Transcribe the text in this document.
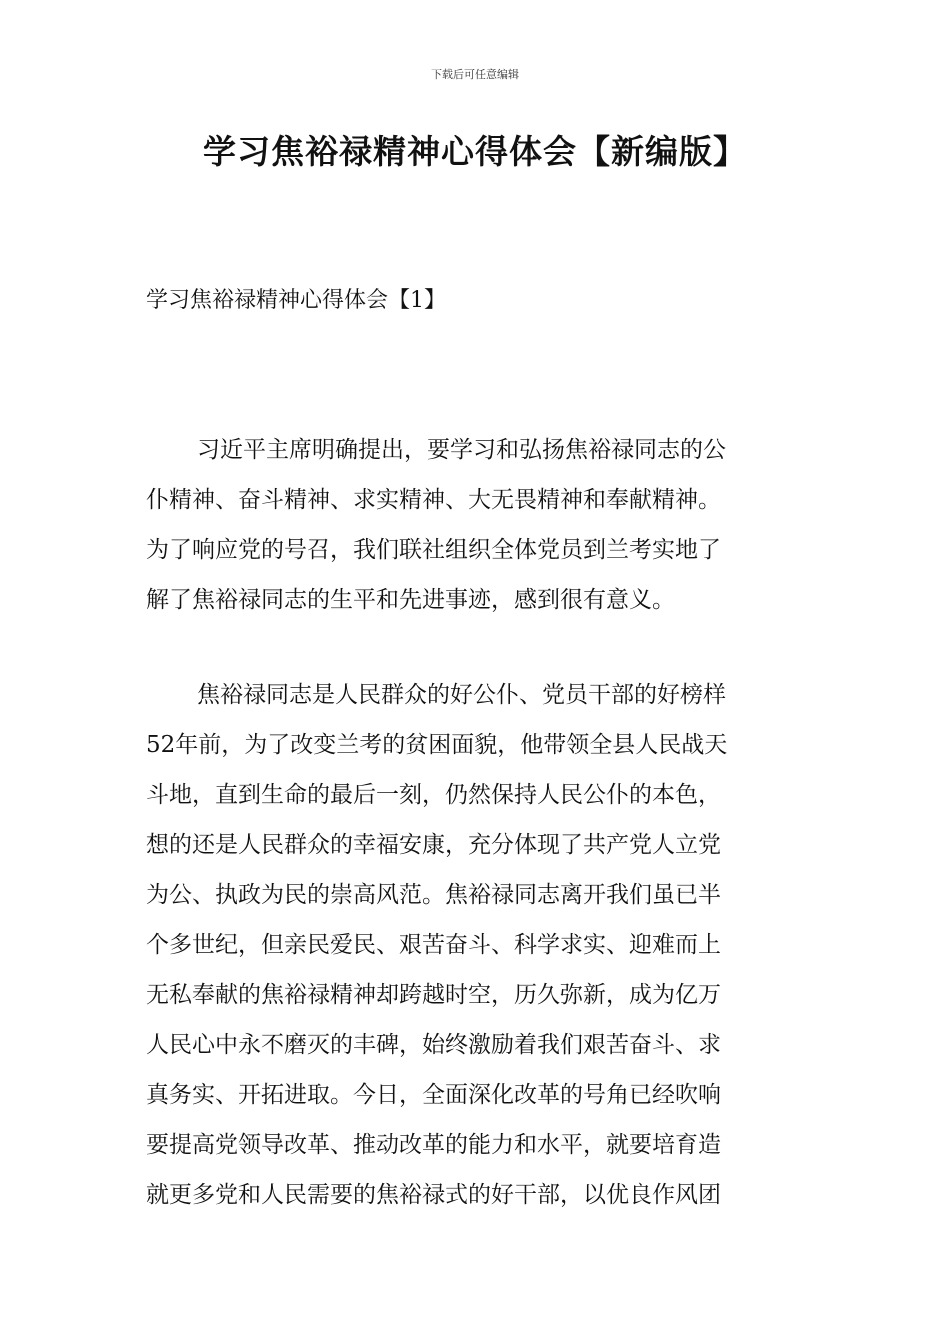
下载后可任意编辑
学习焦裕禄精神心得体会【新编版】
学习焦裕禄精神心得体会【1】
习近平主席明确提出，要学习和弘扬焦裕禄同志的公
仆精神、奋斗精神、求实精神、大无畏精神和奉献精神。
为了响应党的号召，我们联社组织全体党员到兰考实地了
解了焦裕禄同志的生平和先进事迹，感到很有意义。
焦裕禄同志是人民群众的好公仆、党员干部的好榜样
52年前，为了改变兰考的贫困面貌，他带领全县人民战天
斗地，直到生命的最后一刻，仍然保持人民公仆的本色，
想的还是人民群众的幸福安康，充分体现了共产党人立党
为公、执政为民的崇高风范。焦裕禄同志离开我们虽已半
个多世纪，但亲民爱民、艰苦奋斗、科学求实、迎难而上
无私奉献的焦裕禄精神却跨越时空，历久弥新，成为亿万
人民心中永不磨灭的丰碑，始终激励着我们艰苦奋斗、求
真务实、开拓进取。今日，全面深化改革的号角已经吹响
要提高党领导改革、推动改革的能力和水平，就要培育造
就更多党和人民需要的焦裕禄式的好干部，以优良作风团
